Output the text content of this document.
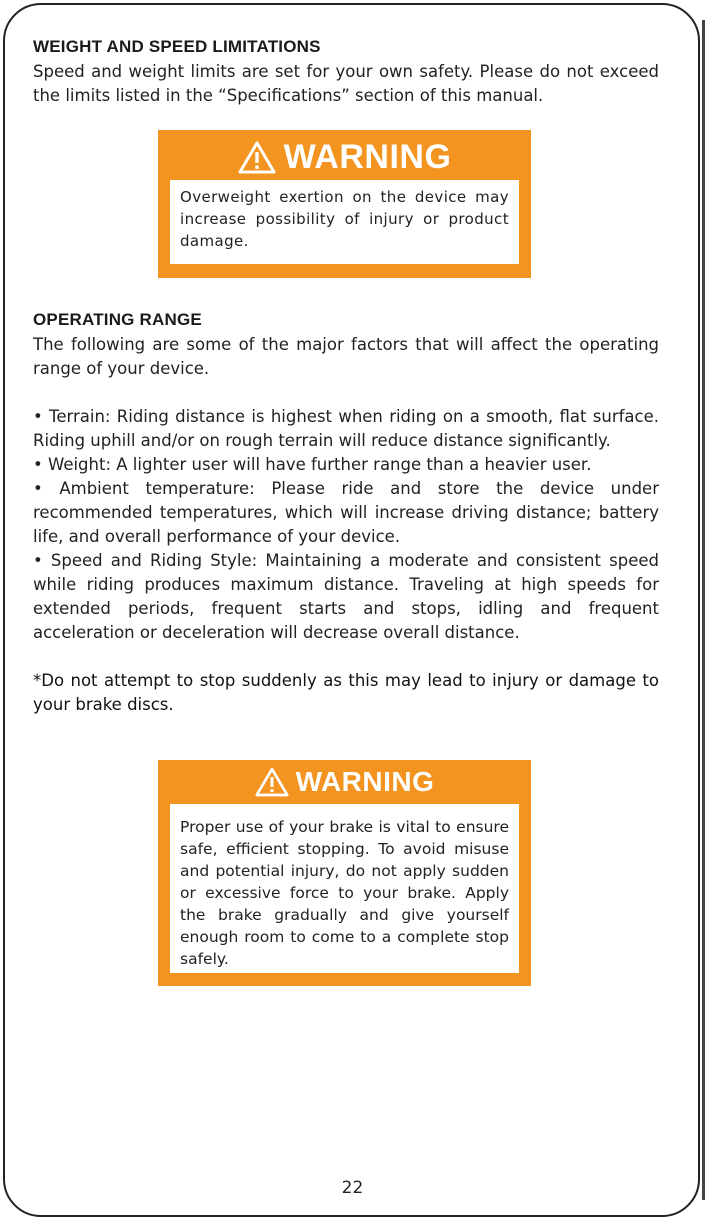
WEIGHT AND SPEED LIMITATIONS

Speed and weight limits are set for your own safety. Please do not exceed the limits listed in the “Specifications” section of this manual.

WARNING
Overweight exertion on the device may increase possibility of injury or product damage.
OPERATING RANGE

The following are some of the major factors that will affect the operating range of your device.

• Terrain: Riding distance is highest when riding on a smooth, flat surface. Riding uphill and/or on rough terrain will reduce distance significantly.

• Weight: A lighter user will have further range than a heavier user.

• Ambient temperature: Please ride and store the device under recommended temperatures, which will increase driving distance; battery life, and overall performance of your device.

• Speed and Riding Style: Maintaining a moderate and consistent speed while riding produces maximum distance. Traveling at high speeds for extended periods, frequent starts and stops, idling and frequent acceleration or deceleration will decrease overall distance.

*Do not attempt to stop suddenly as this may lead to injury or damage to your brake discs.

WARNING
Proper use of your brake is vital to ensure safe, efficient stopping. To avoid misuse and potential injury, do not apply sudden or excessive force to your brake. Apply the brake gradually and give yourself enough room to come to a complete stop safely.
22
